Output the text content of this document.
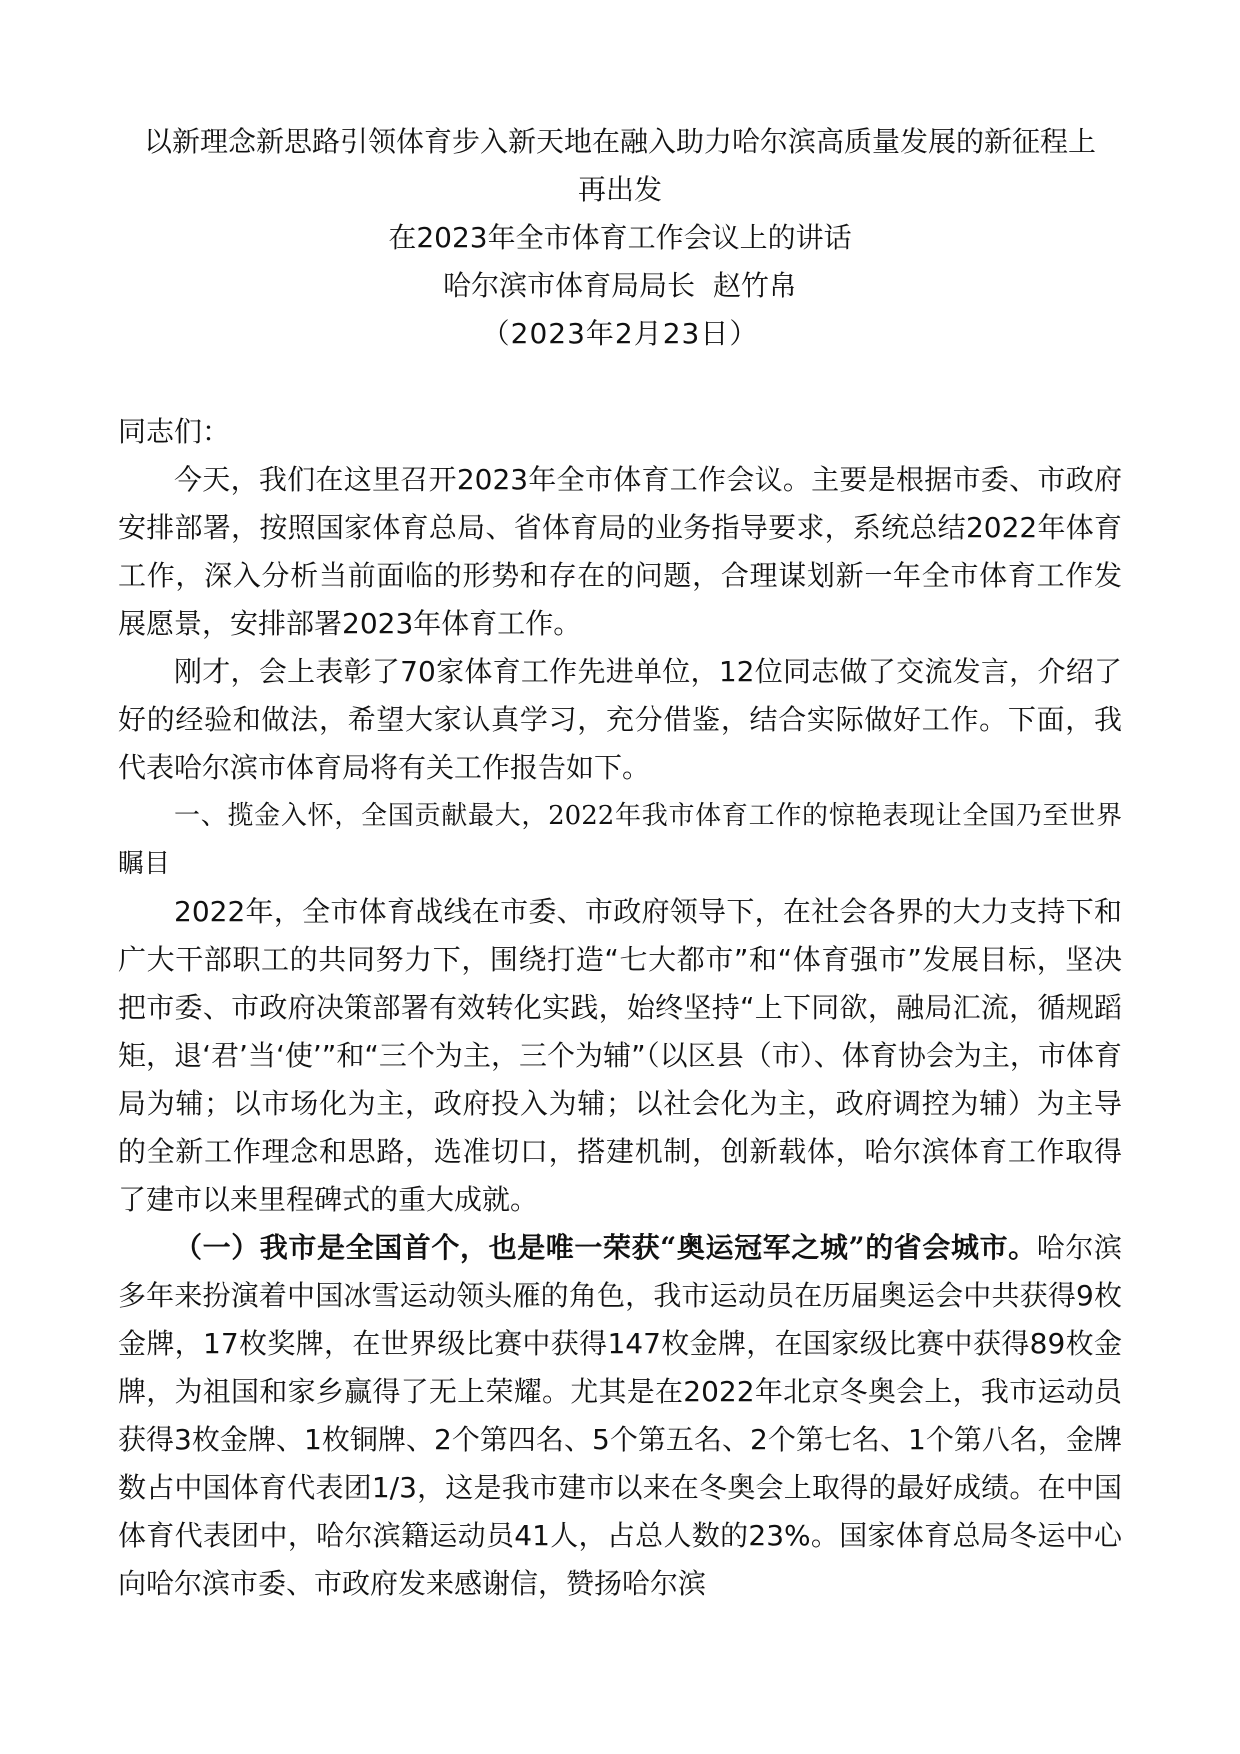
以新理念新思路引领体育步入新天地在融入助力哈尔滨高质量发展的新征程上
再出发
在2023年全市体育工作会议上的讲话
哈尔滨市体育局局长  赵竹帛
（2023年2月23日）
同志们：

今天，我们在这里召开2023年全市体育工作会议。主要是根据市委、市政府安排部署，按照国家体育总局、省体育局的业务指导要求，系统总结2022年体育工作，深入分析当前面临的形势和存在的问题，合理谋划新一年全市体育工作发展愿景，安排部署2023年体育工作。

刚才，会上表彰了70家体育工作先进单位，12位同志做了交流发言，介绍了好的经验和做法，希望大家认真学习，充分借鉴，结合实际做好工作。下面，我代表哈尔滨市体育局将有关工作报告如下。

一、揽金入怀，全国贡献最大，2022年我市体育工作的惊艳表现让全国乃至世界瞩目

2022年，全市体育战线在市委、市政府领导下，在社会各界的大力支持下和广大干部职工的共同努力下，围绕打造“七大都市”和“体育强市”发展目标，坚决把市委、市政府决策部署有效转化实践，始终坚持“上下同欲，融局汇流，循规蹈矩，退‘君’当‘使’”和“三个为主，三个为辅”（以区县（市）、体育协会为主，市体育局为辅；以市场化为主，政府投入为辅；以社会化为主，政府调控为辅）为主导的全新工作理念和思路，选准切口，搭建机制，创新载体，哈尔滨体育工作取得了建市以来里程碑式的重大成就。

（一）我市是全国首个，也是唯一荣获“奥运冠军之城”的省会城市。哈尔滨多年来扮演着中国冰雪运动领头雁的角色，我市运动员在历届奥运会中共获得9枚金牌，17枚奖牌，在世界级比赛中获得147枚金牌，在国家级比赛中获得89枚金牌，为祖国和家乡赢得了无上荣耀。尤其是在2022年北京冬奥会上，我市运动员获得3枚金牌、1枚铜牌、2个第四名、5个第五名、2个第七名、1个第八名，金牌数占中国体育代表团1/3，这是我市建市以来在冬奥会上取得的最好成绩。在中国体育代表团中，哈尔滨籍运动员41人，占总人数的23%。国家体育总局冬运中心向哈尔滨市委、市政府发来感谢信，赞扬哈尔滨
